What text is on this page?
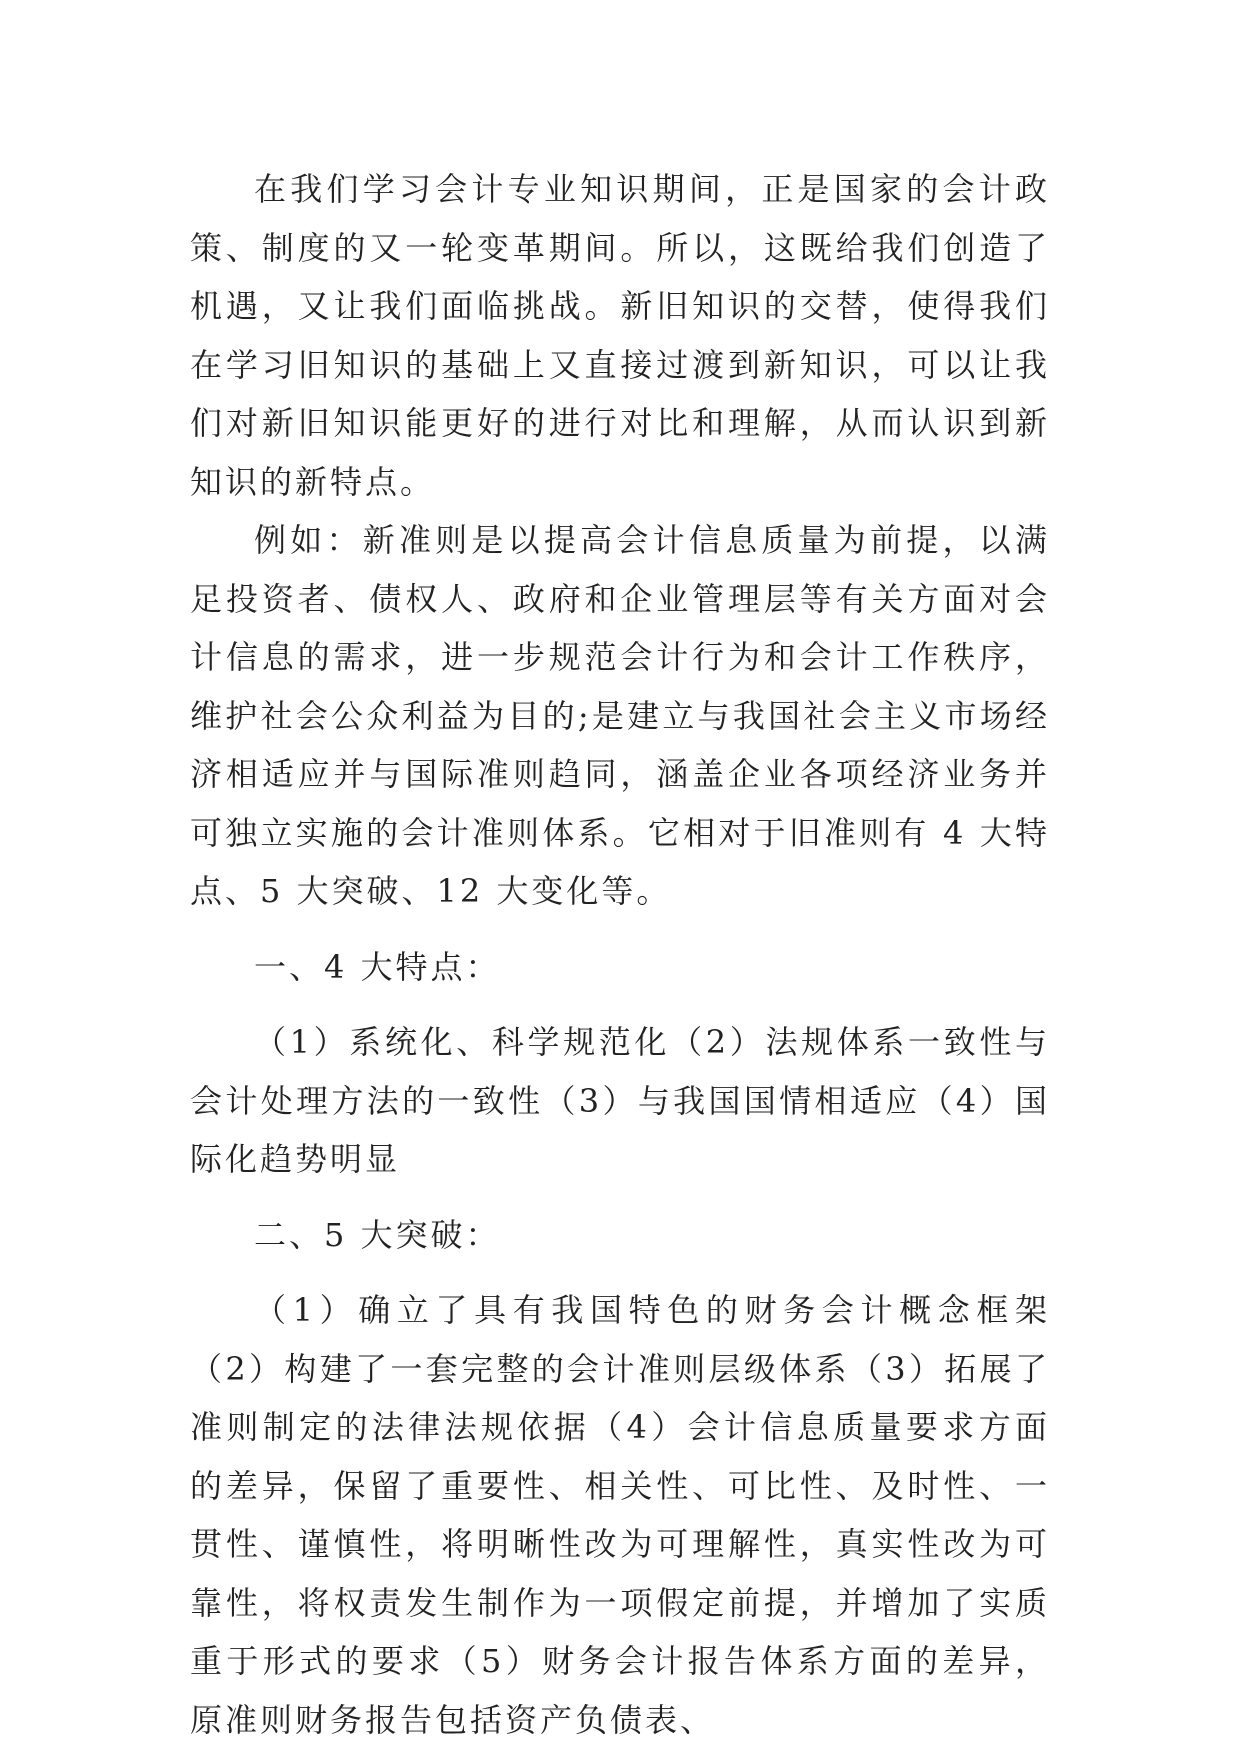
在我们学习会计专业知识期间，正是国家的会计政策、制度的又一轮变革期间。所以，这既给我们创造了机遇，又让我们面临挑战。新旧知识的交替，使得我们在学习旧知识的基础上又直接过渡到新知识，可以让我们对新旧知识能更好的进行对比和理解，从而认识到新知识的新特点。

例如：新准则是以提高会计信息质量为前提，以满足投资者、债权人、政府和企业管理层等有关方面对会计信息的需求，进一步规范会计行为和会计工作秩序，维护社会公众利益为目的;是建立与我国社会主义市场经济相适应并与国际准则趋同，涵盖企业各项经济业务并可独立实施的会计准则体系。它相对于旧准则有 4 大特点、5 大突破、12 大变化等。

一、4 大特点：

（1）系统化、科学规范化（2）法规体系一致性与会计处理方法的一致性（3）与我国国情相适应（4）国际化趋势明显

二、5 大突破：

（1）确立了具有我国特色的财务会计概念框架（2）构建了一套完整的会计准则层级体系（3）拓展了准则制定的法律法规依据（4）会计信息质量要求方面的差异，保留了重要性、相关性、可比性、及时性、一贯性、谨慎性，将明晰性改为可理解性，真实性改为可靠性，将权责发生制作为一项假定前提，并增加了实质重于形式的要求（5）财务会计报告体系方面的差异，原准则财务报告包括资产负债表、
